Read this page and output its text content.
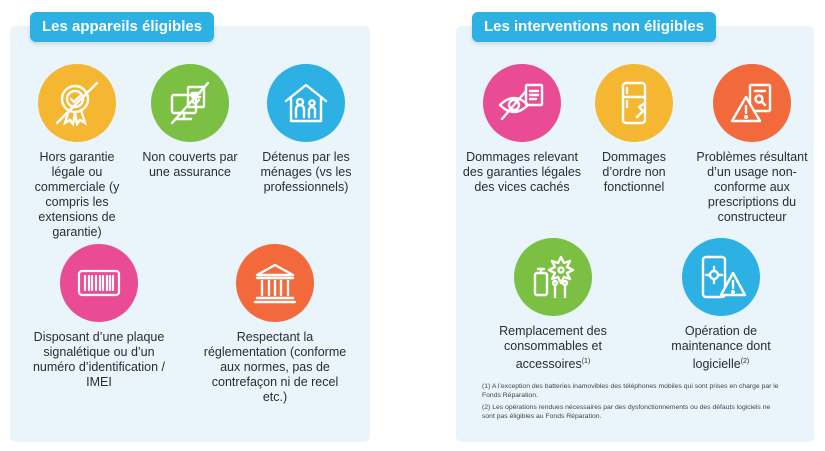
Les appareils éligibles	Les interventions non éligibles
Hors garantie légale ou commerciale (y compris les extensions de garantie)
Non couverts par une assurance
Détenus par les ménages (vs les professionnels)
Disposant d’une plaque signalétique ou d’un numéro d’identification / IMEI
Respectant la réglementation (conforme aux normes, pas de contrefaçon ni de recel etc.)
Dommages relevant des garanties légales des vices cachés
Dommages d’ordre non fonctionnel
Problèmes résultant d’un usage non-conforme aux prescriptions du constructeur
Remplacement des consommables et accessoires$^{(1)}$
Opération de maintenance dont logicielle$^{(2)}$

(1) A l’exception des batteries inamovibles des téléphones mobiles qui sont prises en charge par le Fonds Réparation.

(2) Les opérations rendues nécessaires par des dysfonctionnements ou des défauts logiciels ne sont pas éligibles au Fonds Réparation.
